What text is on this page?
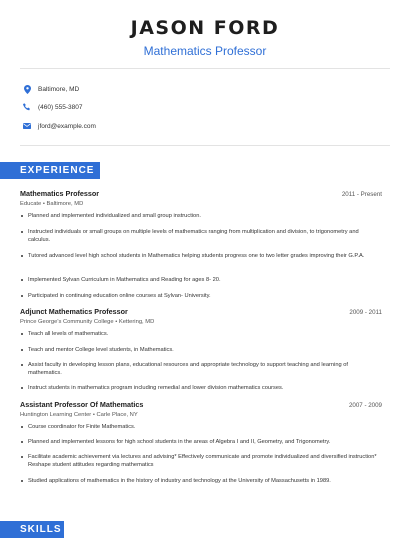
JASON FORD
Mathematics Professor
Baltimore, MD
(460) 555-3807
jford@example.com
EXPERIENCE
Mathematics Professor	2011 - Present
Educate • Baltimore, MD
Planned and implemented individualized and small group instruction.
Instructed individuals or small groups on multiple levels of mathematics ranging from multiplication and division, to trigonometry and calculus.
Tutored advanced level high school students in Mathematics helping students progress one to two letter grades improving their G.P.A.
Implemented Sylvan Curriculum in Mathematics and Reading for ages 8- 20.
Participated in continuing education online courses at Sylvan- University.
Adjunct Mathematics Professor	2009 - 2011
Prince George's Community College • Kettering, MD
Teach all levels of mathematics.
Teach and mentor College level students, in Mathematics.
Assist faculty in developing lesson plans, educational resources and appropriate technology to support teaching and learning of mathematics.
Instruct students in mathematics program including remedial and lower division mathematics courses.
Assistant Professor Of Mathematics	2007 - 2009
Huntington Learning Center • Carle Place, NY
Course coordinator for Finite Mathematics.
Planned and implemented lessons for high school students in the areas of Algebra I and II, Geometry, and Trigonometry.
Facilitate academic achievement via lectures and advising* Effectively communicate and promote individualized and diversified instruction* Reshape student attitudes regarding mathematics
Studied applications of mathematics in the history of industry and technology at the University of Massachusetts in 1989.
SKILLS
